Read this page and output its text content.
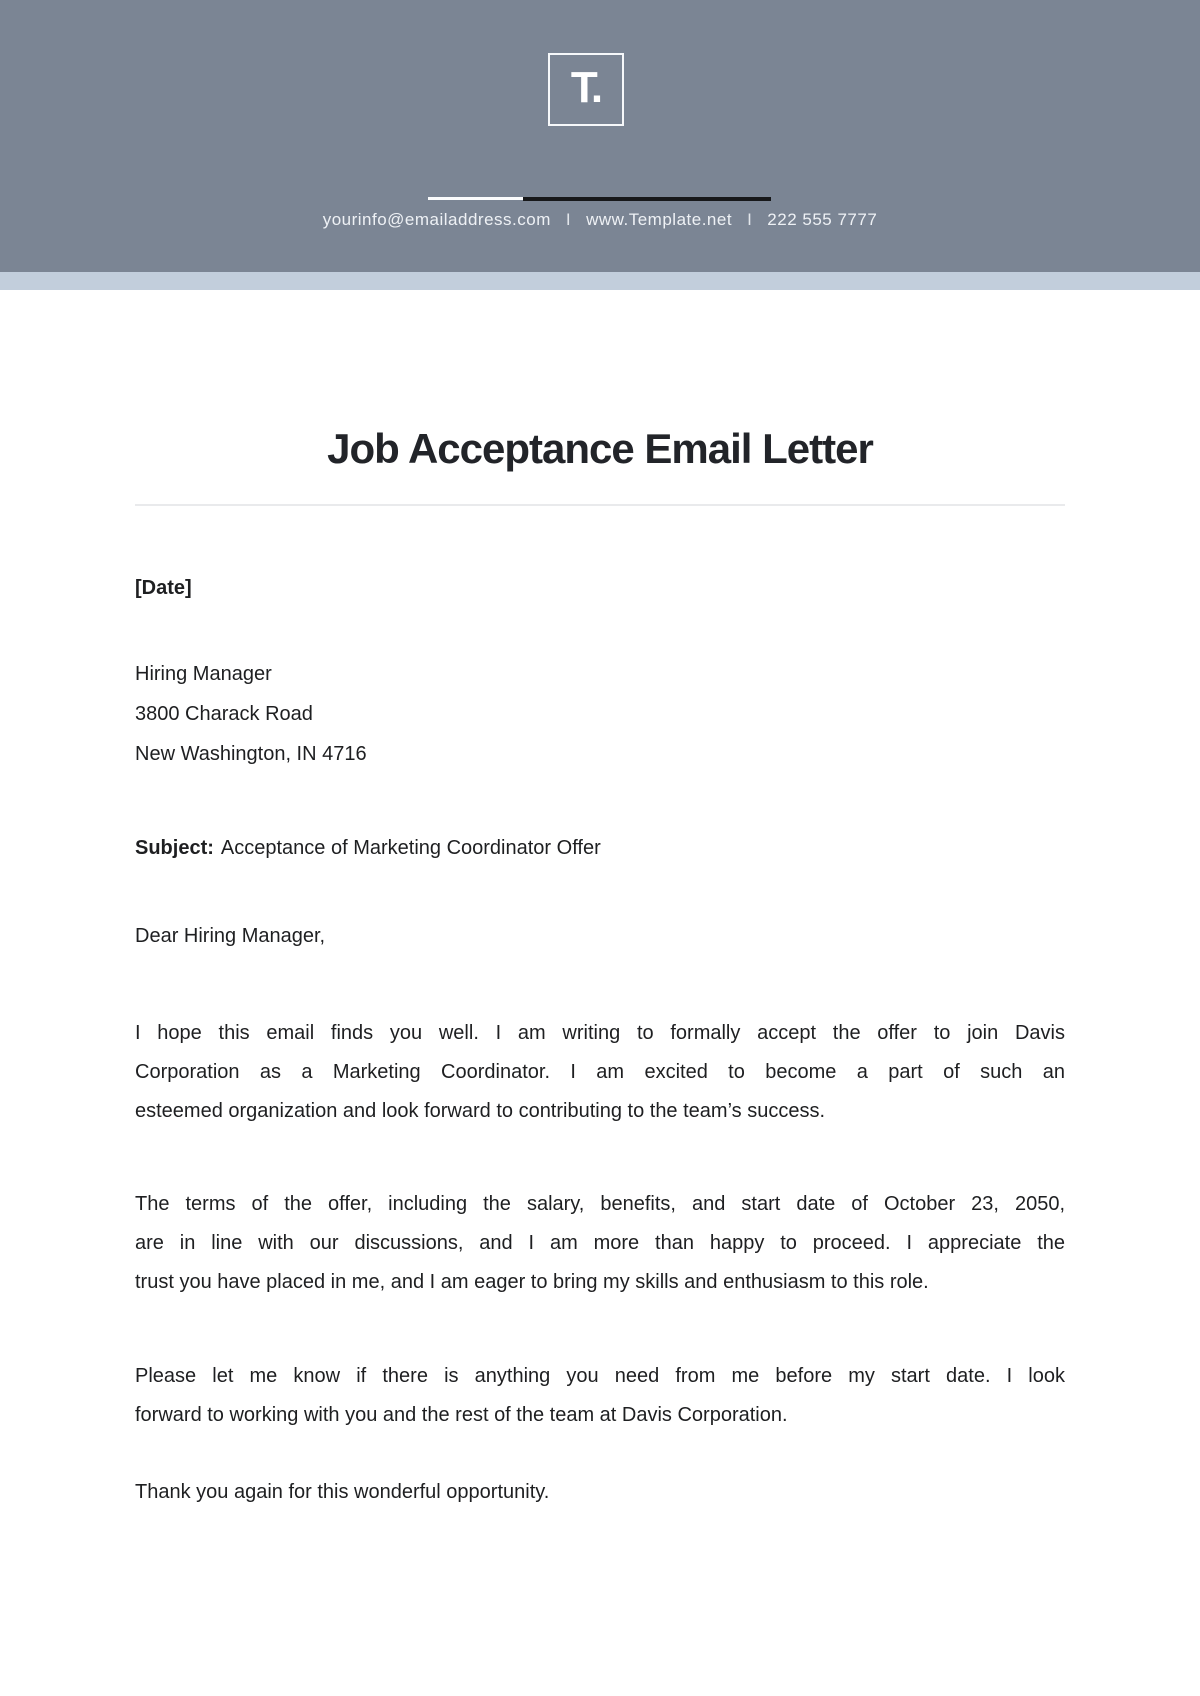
T.
yourinfo@emailaddress.com I www.Template.net I 222 555 7777
Job Acceptance Email Letter

[Date]

Hiring Manager
3800 Charack Road
New Washington, IN 4716

Subject: Acceptance of Marketing Coordinator Offer

Dear Hiring Manager,

I hope this email finds you well. I am writing to formally accept the offer to join Davis
Corporation as a Marketing Coordinator. I am excited to become a part of such an
esteemed organization and look forward to contributing to the team’s success.
The terms of the offer, including the salary, benefits, and start date of October 23, 2050,
are in line with our discussions, and I am more than happy to proceed. I appreciate the
trust you have placed in me, and I am eager to bring my skills and enthusiasm to this role.
Please let me know if there is anything you need from me before my start date. I look
forward to working with you and the rest of the team at Davis Corporation.

Thank you again for this wonderful opportunity.
